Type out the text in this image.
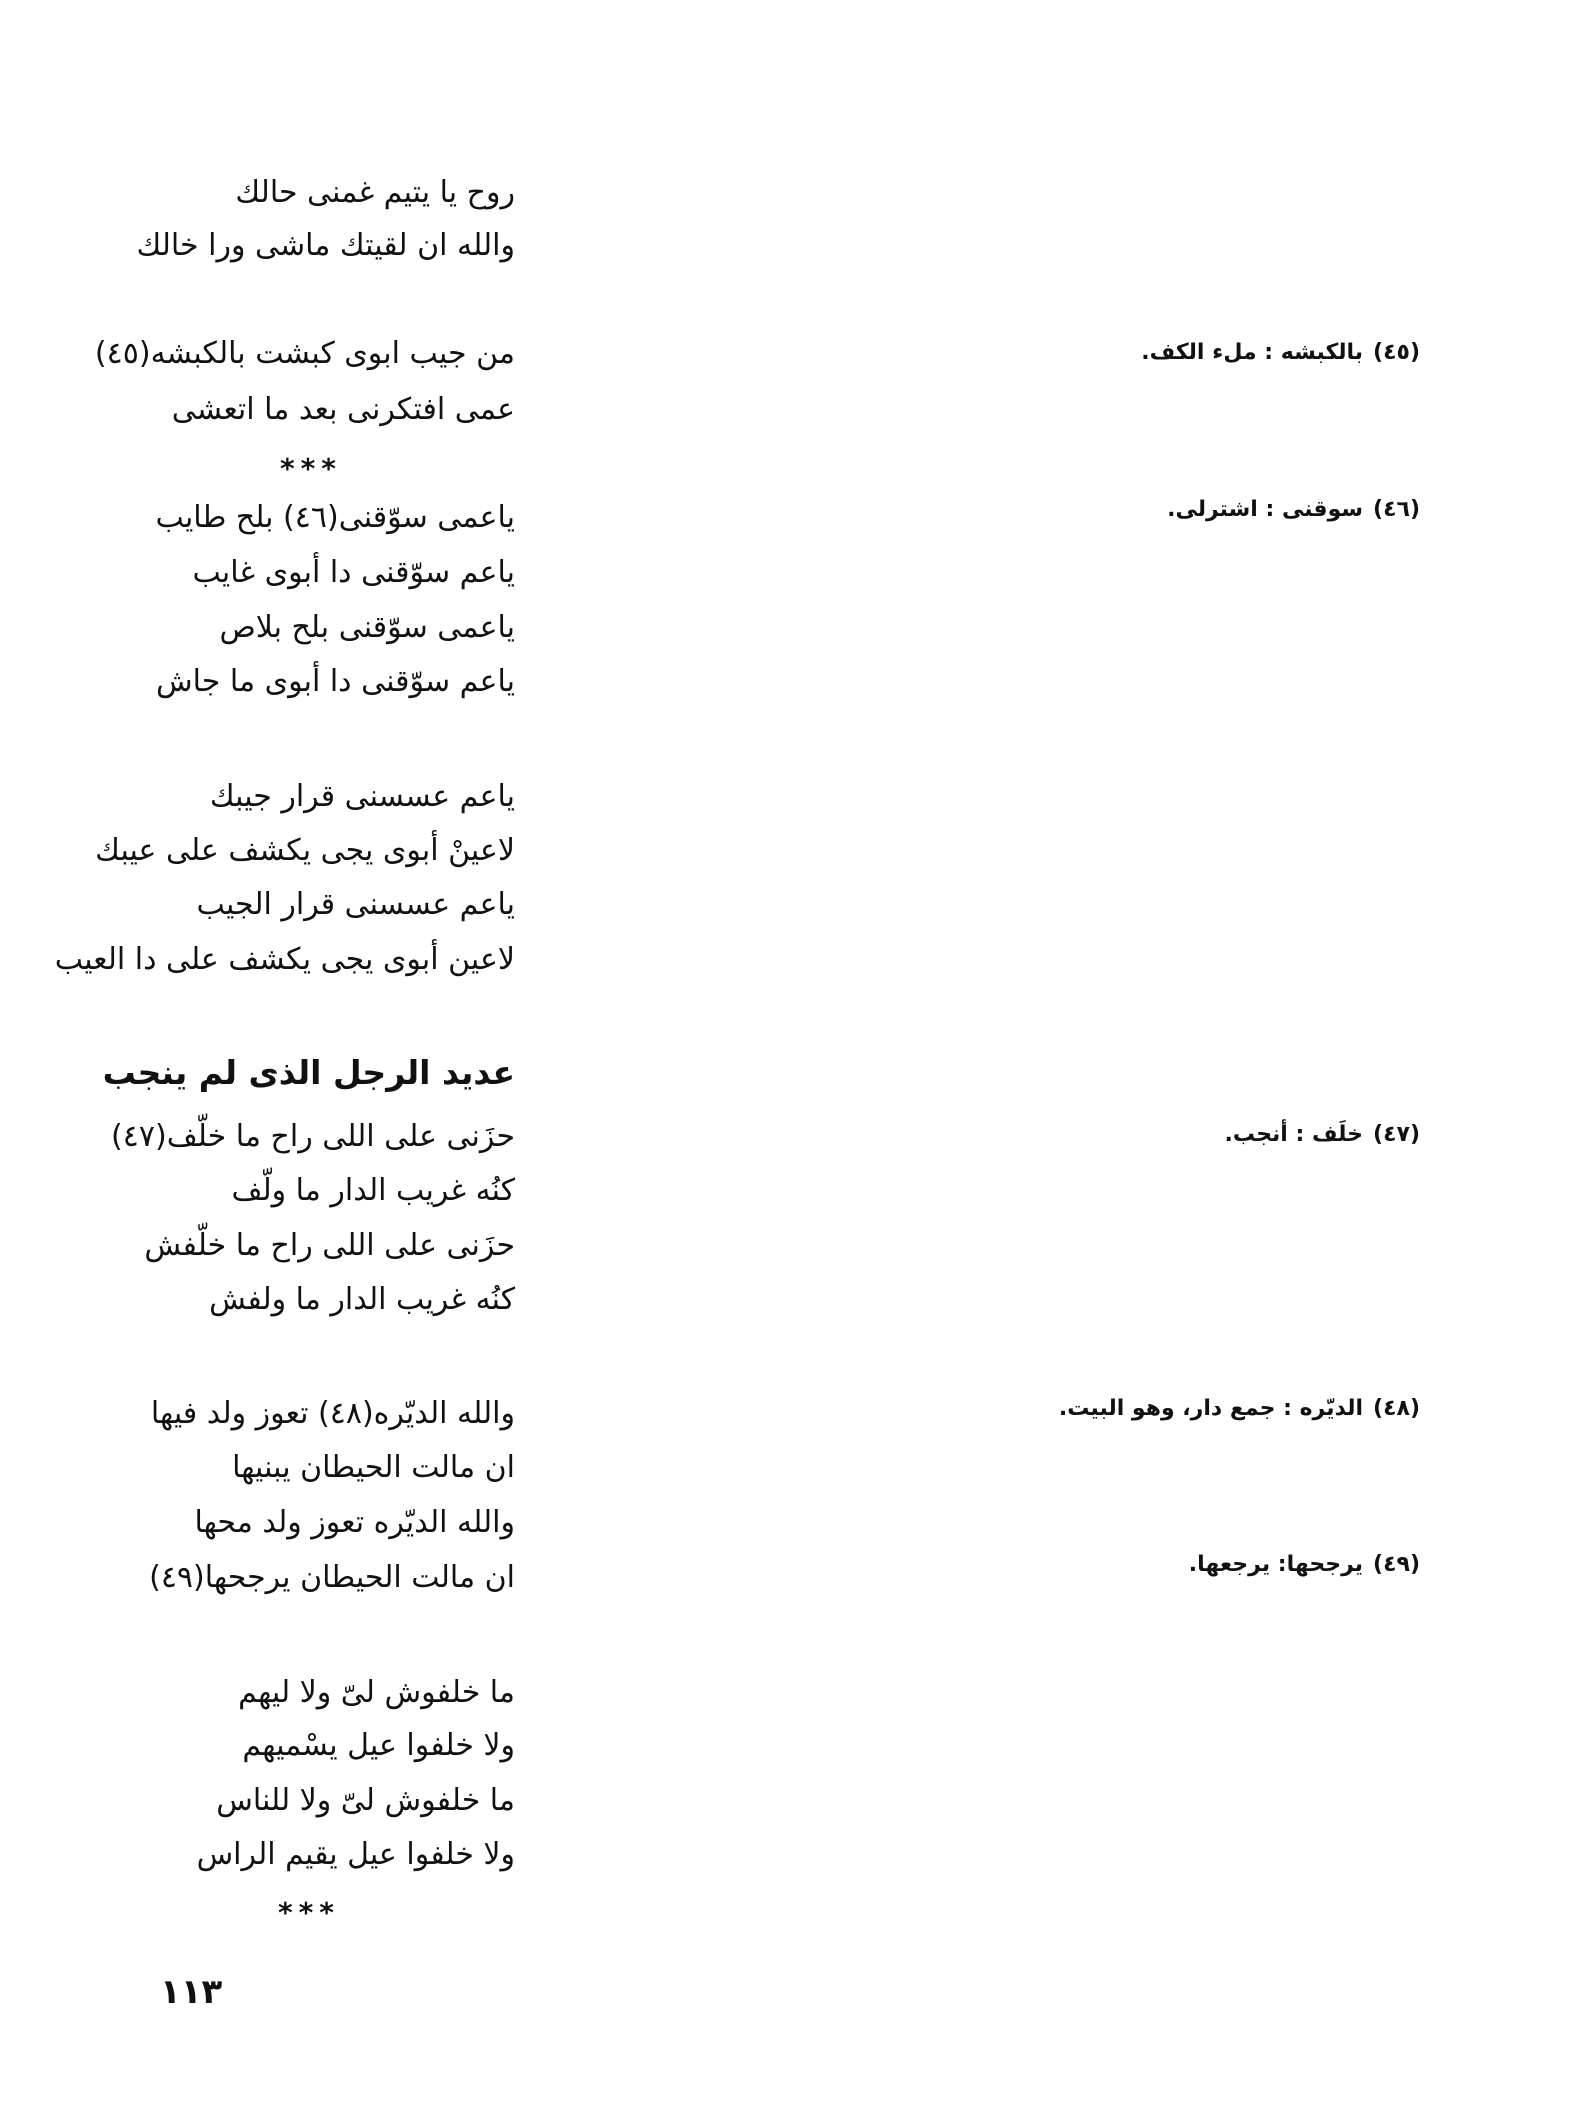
روح يا يتيم غمنى حالك
والله ان لقيتك ماشى ورا خالك
من جيب ابوى كبشت بالكبشه(٤٥)
عمى افتكرنى بعد ما اتعشى
***
ياعمى سوّقنى(٤٦) بلح طايب
ياعم سوّقنى دا أبوى غايب
ياعمى سوّقنى بلح بلاص
ياعم سوّقنى دا أبوى ما جاش
ياعم عسسنى قرار جيبك
لاعينْ أبوى يجى يكشف على عيبك
ياعم عسسنى قرار الجيب
لاعين أبوى يجى يكشف على دا العيب
عديد الرجل الذى لم ينجب
حزَنى على اللى راح ما خلّف(٤٧)
كنُه غريب الدار ما ولّف
حزَنى على اللى راح ما خلّفش
كنُه غريب الدار ما ولفش
والله الديّره(٤٨) تعوز ولد فيها
ان مالت الحيطان يبنيها
والله الديّره تعوز ولد محها
ان مالت الحيطان يرجحها(٤٩)
ما خلفوش لىّ ولا ليهم
ولا خلفوا عيل يسْميهم
ما خلفوش لىّ ولا للناس
ولا خلفوا عيل يقيم الراس
***
(٤٥)بالكبشه : ملء الكف.
(٤٦)سوقنى : اشترلى.
(٤٧)خلَف : أنجب.
(٤٨)الديّره : جمع دار، وهو البيت.
(٤٩)يرجحها: يرجعها.
١١٣
